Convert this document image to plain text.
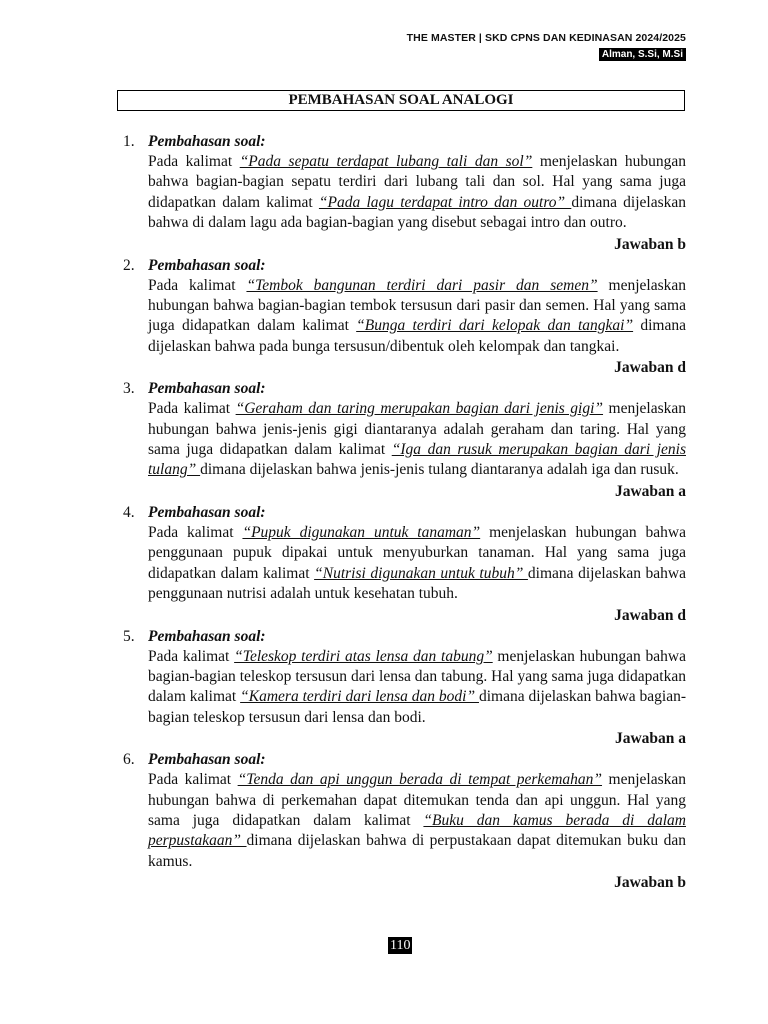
THE MASTER | SKD CPNS DAN KEDINASAN 2024/2025
Alman, S.Si, M.Si
PEMBAHASAN SOAL ANALOGI
1. Pembahasan soal:

Pada kalimat “Pada sepatu terdapat lubang tali dan sol” menjelaskan hubungan bahwa bagian-bagian sepatu terdiri dari lubang tali dan sol. Hal yang sama juga didapatkan dalam kalimat “Pada lagu terdapat intro dan outro” dimana dijelaskan bahwa di dalam lagu ada bagian-bagian yang disebut sebagai intro dan outro.

Jawaban b
2. Pembahasan soal:

Pada kalimat “Tembok bangunan terdiri dari pasir dan semen” menjelaskan hubungan bahwa bagian-bagian tembok tersusun dari pasir dan semen. Hal yang sama juga didapatkan dalam kalimat “Bunga terdiri dari kelopak dan tangkai” dimana dijelaskan bahwa pada bunga tersusun/dibentuk oleh kelompak dan tangkai.

Jawaban d
3. Pembahasan soal:

Pada kalimat “Geraham dan taring merupakan bagian dari jenis gigi” menjelaskan hubungan bahwa jenis-jenis gigi diantaranya adalah geraham dan taring. Hal yang sama juga didapatkan dalam kalimat “Iga dan rusuk merupakan bagian dari jenis tulang” dimana dijelaskan bahwa jenis-jenis tulang diantaranya adalah iga dan rusuk.

Jawaban a
4. Pembahasan soal:

Pada kalimat “Pupuk digunakan untuk tanaman” menjelaskan hubungan bahwa penggunaan pupuk dipakai untuk menyuburkan tanaman. Hal yang sama juga didapatkan dalam kalimat “Nutrisi digunakan untuk tubuh” dimana dijelaskan bahwa penggunaan nutrisi adalah untuk kesehatan tubuh.

Jawaban d
5. Pembahasan soal:

Pada kalimat “Teleskop terdiri atas lensa dan tabung” menjelaskan hubungan bahwa bagian-bagian teleskop tersusun dari lensa dan tabung. Hal yang sama juga didapatkan dalam kalimat “Kamera terdiri dari lensa dan bodi” dimana dijelaskan bahwa bagian-bagian teleskop tersusun dari lensa dan bodi.

Jawaban a
6. Pembahasan soal:

Pada kalimat “Tenda dan api unggun berada di tempat perkemahan” menjelaskan hubungan bahwa di perkemahan dapat ditemukan tenda dan api unggun. Hal yang sama juga didapatkan dalam kalimat “Buku dan kamus berada di dalam perpustakaan” dimana dijelaskan bahwa di perpustakaan dapat ditemukan buku dan kamus.

Jawaban b
110
